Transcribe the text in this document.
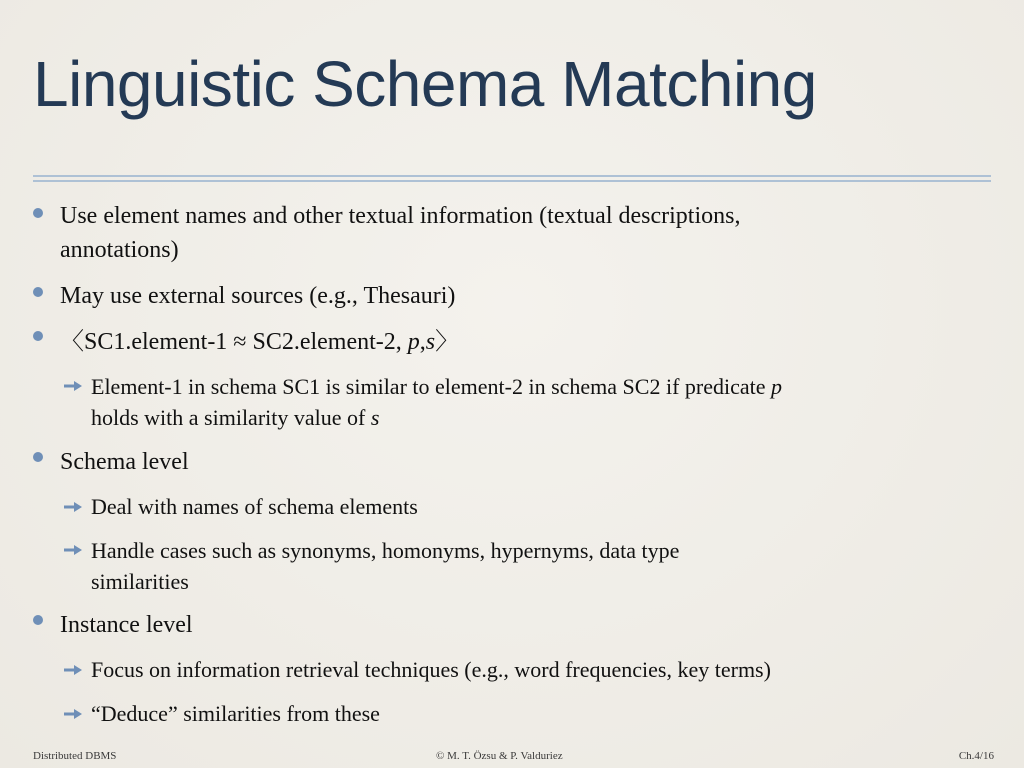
Linguistic Schema Matching
Use element names and other textual information (textual descriptions,
annotations)
May use external sources (e.g., Thesauri)
〈SC1.element-1 ≈ SC2.element-2, p,s〉
Element-1 in schema SC1 is similar to element-2 in schema SC2 if predicate p
holds with a similarity value of s
Schema level
Deal with names of schema elements
Handle cases such as synonyms, homonyms, hypernyms, data type
similarities
Instance level
Focus on information retrieval techniques (e.g., word frequencies, key terms)
“Deduce” similarities from these
Distributed DBMS	© M. T. Özsu & P. Valduriez	Ch.4/16
